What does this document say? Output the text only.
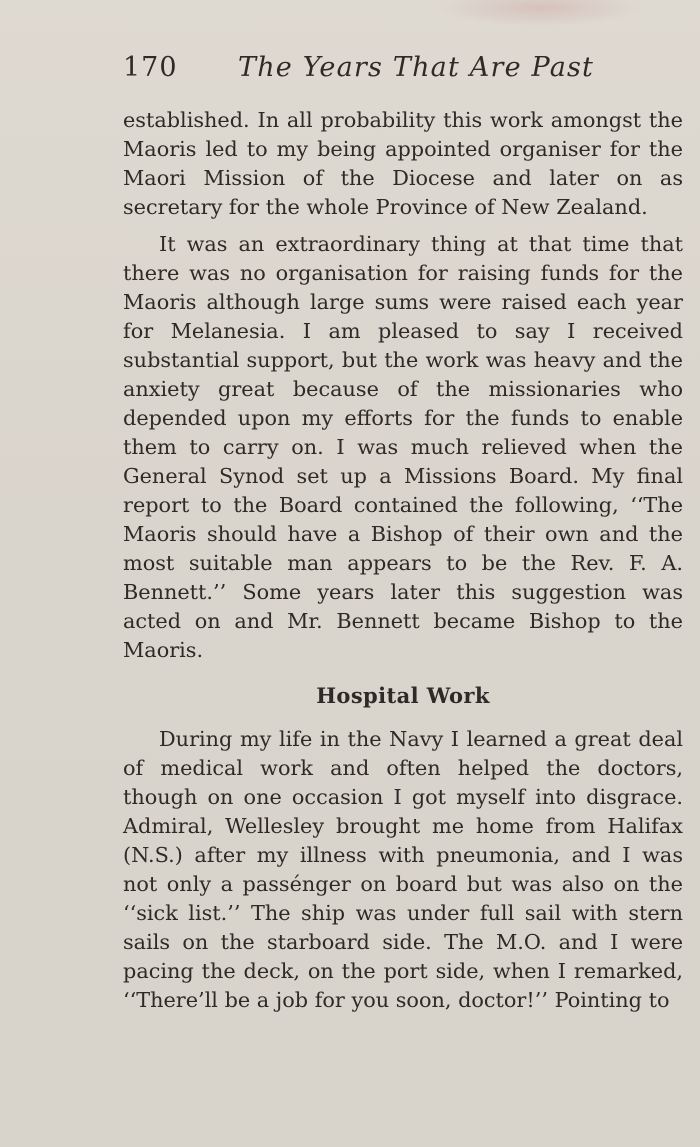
170 The Years That Are Past

established. In all probability this work amongst the Maoris led to my being appointed organiser for the Maori Mission of the Diocese and later on as secretary for the whole Province of New Zealand.

It was an extraordinary thing at that time that there was no organisation for raising funds for the Maoris although large sums were raised each year for Melanesia. I am pleased to say I received substantial support, but the work was heavy and the anxiety great because of the missionaries who depended upon my efforts for the funds to enable them to carry on. I was much relieved when the General Synod set up a Missions Board. My final report to the Board contained the following, ‘‘The Maoris should have a Bishop of their own and the most suitable man appears to be the Rev. F. A. Bennett.’’ Some years later this suggestion was acted on and Mr. Bennett became Bishop to the Maoris.

Hospital Work

During my life in the Navy I learned a great deal of medical work and often helped the doctors, though on one occasion I got myself into disgrace. Admiral, Wellesley brought me home from Halifax (N.S.) after my illness with pneumonia, and I was not only a passénger on board but was also on the ‘‘sick list.’’ The ship was under full sail with stern sails on the starboard side. The M.O. and I were pacing the deck, on the port side, when I remarked, ‘‘There’ll be a job for you soon, doctor!’’ Pointing to
